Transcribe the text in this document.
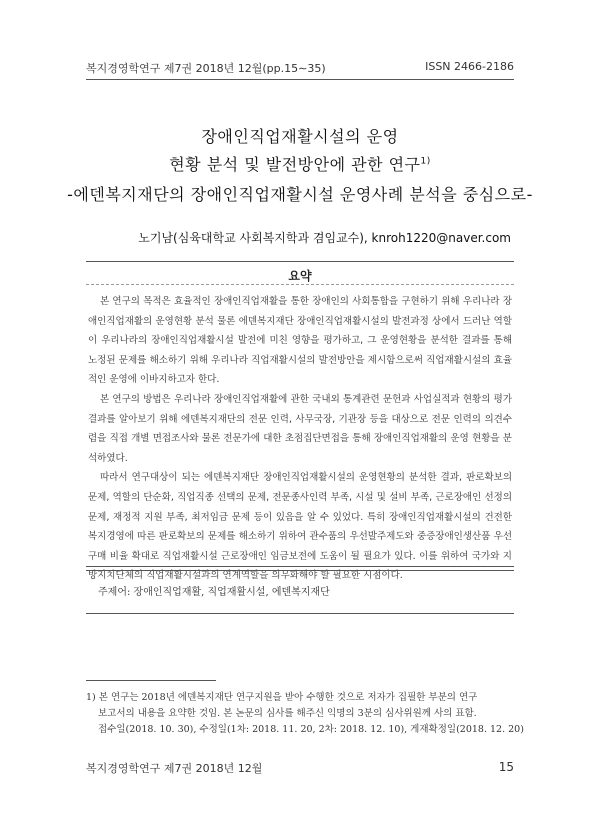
복지경영학연구 제7권 2018년 12월(pp.15∼35)	ISSN 2466-2186
장애인직업재활시설의 운영
현황 분석 및 발전방안에 관한 연구$^{1)}$
-에덴복지재단의 장애인직업재활시설 운영사례 분석을 중심으로-
노기남(심육대학교 사회복지학과 겸임교수), knroh1220@naver.com
요약

본 연구의 목적은 효율적인 장애인직업재활을 통한 장애인의 사회통합을 구현하기 위해 우리나라 장애인직업재활의 운영현황 분석 물론 에덴복지재단 장애인직업재활시설의 발전과정 상에서 드러난 역할이 우리나라의 장애인직업재활시설 발전에 미친 영향을 평가하고, 그 운영현황을 분석한 결과를 통해 노정된 문제를 해소하기 위해 우리나라 직업재활시설의 발전방안을 제시함으로써 직업재활시설의 효율적인 운영에 이바지하고자 한다.

본 연구의 방법은 우리나라 장애인직업재활에 관한 국내외 통계관련 문헌과 사업실적과 현황의 평가결과를 알아보기 위해 에덴복지재단의 전문 인력, 사무국장, 기관장 등을 대상으로 전문 인력의 의견수렴을 직접 개별 면접조사와 물론 전문가에 대한 초점집단면접을 통해 장애인직업재활의 운영 현황을 분석하였다.

따라서 연구대상이 되는 에덴복지재단 장애인직업재활시설의 운영현황의 분석한 결과, 판로확보의 문제, 역할의 단순화, 직업직종 선택의 문제, 전문종사인력 부족, 시설 및 설비 부족, 근로장애인 선정의 문제, 재정적 지원 부족, 최저임금 문제 등이 있음을 알 수 있었다. 특히 장애인직업재활시설의 건전한 복지경영에 따른 판로확보의 문제를 해소하기 위하여 관수품의 우선발주제도와 중증장애인생산품 우선구매 비율 확대로 직업재활시설 근로장애인 임금보전에 도움이 될 필요가 있다. 이를 위하여 국가와 지방지치단체의 직업재활시설과의 연계역할을 의무화해야 할 필요한 시점이다.

주제어: 장애인직업재활, 직업재활시설, 에덴복지재단
1) 본 연구는 2018년 에덴복지재단 연구지원을 받아 수행한 것으로 저자가 집필한 부분의 연구
보고서의 내용을 요약한 것임. 본 논문의 심사를 해주신 익명의 3분의 심사위원께 사의 표함.
접수일(2018. 10. 30), 수정일(1차: 2018. 11. 20, 2차: 2018. 12. 10), 게재확정일(2018. 12. 20)
복지경영학연구 제7권 2018년 12월	15
